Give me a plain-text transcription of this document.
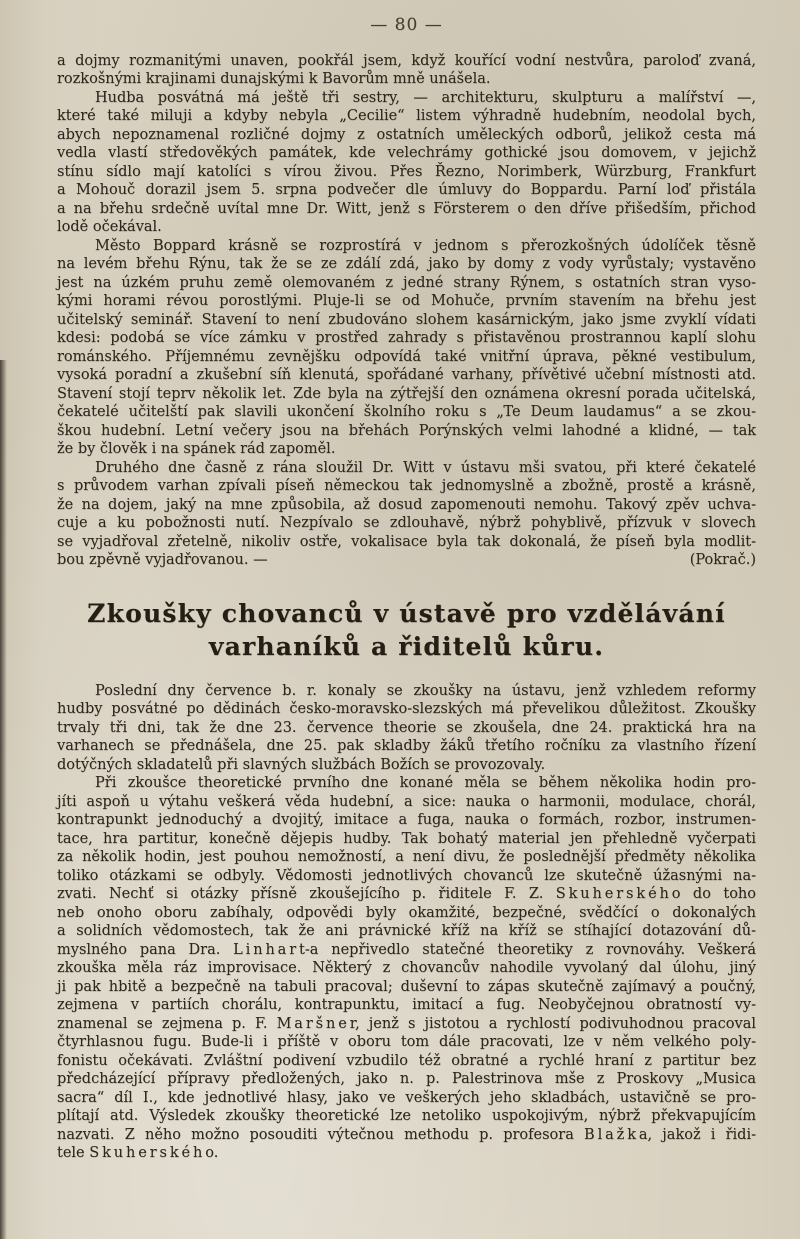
— 80 —
a dojmy rozmanitými unaven, pookřál jsem, když kouřící vodní nestvůra, paroloď zvaná,
rozkošnými krajinami dunajskými k Bavorům mně unášela.
Hudba posvátná má ještě tři sestry, — architekturu, skulpturu a malířství —,
které také miluji a kdyby nebyla „Cecilie“ listem výhradně hudebním, neodolal bych,
abych nepoznamenal rozličné dojmy z ostatních uměleckých odborů, jelikož cesta má
vedla vlastí středověkých památek, kde velechrámy gothické jsou domovem, v jejichž
stínu sídlo mají katolíci s vírou živou. Přes Řezno, Norimberk, Würzburg, Frankfurt
a Mohouč dorazil jsem 5. srpna podvečer dle úmluvy do Boppardu. Parní loď přistála
a na břehu srdečně uvítal mne Dr. Witt, jenž s Försterem o den dříve přišedším, přichod
lodě očekával.
Město Boppard krásně se rozprostírá v jednom s přerozkošných údolíček těsně
na levém břehu Rýnu, tak že se ze zdálí zdá, jako by domy z vody vyrůstaly; vystavěno
jest na úzkém pruhu země olemovaném z jedné strany Rýnem, s ostatních stran vyso-
kými horami révou porostlými. Pluje-li se od Mohuče, prvním stavením na břehu jest
učitelský seminář. Stavení to není zbudováno slohem kasárnickým, jako jsme zvyklí vídati
kdesi: podobá se více zámku v prostřed zahrady s přistavěnou prostrannou kaplí slohu
románského. Příjemnému zevnějšku odpovídá také vnitřní úprava, pěkné vestibulum,
vysoká poradní a zkušební síň klenutá, spořádané varhany, přívětivé učební místnosti atd.
Stavení stojí teprv několik let. Zde byla na zýtřejší den oznámena okresní porada učitelská,
čekatelé učitelští pak slavili ukončení školního roku s „Te Deum laudamus“ a se zkou-
škou hudební. Letní večery jsou na břehách Porýnských velmi lahodné a klidné, — tak
že by člověk i na spánek rád zapoměl.
Druhého dne časně z rána sloužil Dr. Witt v ústavu mši svatou, při které čekatelé
s průvodem varhan zpívali píseň německou tak jednomyslně a zbožně, prostě a krásně,
že na dojem, jaký na mne způsobila, až dosud zapomenouti nemohu. Takový zpěv uchva-
cuje a ku pobožnosti nutí. Nezpívalo se zdlouhavě, nýbrž pohyblivě, přízvuk v slovech
se vyjadřoval zřetelně, nikoliv ostře, vokalisace byla tak dokonalá, že píseň byla modlit-
bou zpěvně vyjadřovanou. —	(Pokrač.)
Zkoušky chovanců v ústavě pro vzdělávání
varhaníků a řiditelů kůru.
Poslední dny července b. r. konaly se zkoušky na ústavu, jenž vzhledem reformy
hudby posvátné po dědinách česko-moravsko-slezských má převelikou důležitost. Zkoušky
trvaly tři dni, tak že dne 23. července theorie se zkoušela, dne 24. praktická hra na
varhanech se přednášela, dne 25. pak skladby žáků třetího ročníku za vlastního řízení
dotýčných skladatelů při slavných službách Božích se provozovaly.
Při zkoušce theoretické prvního dne konané měla se během několika hodin pro-
jíti aspoň u výtahu veškerá věda hudební, a sice: nauka o harmonii, modulace, chorál,
kontrapunkt jednoduchý a dvojitý, imitace a fuga, nauka o formách, rozbor, instrumen-
tace, hra partitur, konečně dějepis hudby. Tak bohatý material jen přehledně vyčerpati
za několik hodin, jest pouhou nemožností, a není divu, že poslednější předměty několika
toliko otázkami se odbyly. Vědomosti jednotlivých chovanců lze skutečně úžasnými na-
zvati. Nechť si otázky přísně zkoušejícího p. řiditele F. Z. S k u h e r s k é h o do toho
neb onoho oboru zabíhaly, odpovědi byly okamžité, bezpečné, svědčící o dokonalých
a solidních vědomostech, tak že ani právnické kříž na kříž se stíhající dotazování dů-
myslného pana Dra. L i n h a r t-a nepřivedlo statečné theoretiky z rovnováhy. Veškerá
zkouška měla ráz improvisace. Některý z chovancův nahodile vyvolaný dal úlohu, jiný
ji pak hbitě a bezpečně na tabuli pracoval; duševní to zápas skutečně zajímavý a poučný,
zejmena v partiích chorálu, kontrapunktu, imitací a fug. Neobyčejnou obratností vy-
znamenal se zejmena p. F. M a r š n e r, jenž s jistotou a rychlostí podivuhodnou pracoval
čtyrhlasnou fugu. Bude-li i příště v oboru tom dále pracovati, lze v něm velkého poly-
fonistu očekávati. Zvláštní podivení vzbudilo též obratné a rychlé hraní z partitur bez
předcházející přípravy předložených, jako n. p. Palestrinova mše z Proskovy „Musica
sacra“ díl I., kde jednotlivé hlasy, jako ve veškerých jeho skladbách, ustavičně se pro-
plítají atd. Výsledek zkoušky theoretické lze netoliko uspokojivým, nýbrž překvapujícím
nazvati. Z něho možno posouditi výtečnou methodu p. profesora B l a ž k a, jakož i řidi-
tele S k u h e r s k é h o.
